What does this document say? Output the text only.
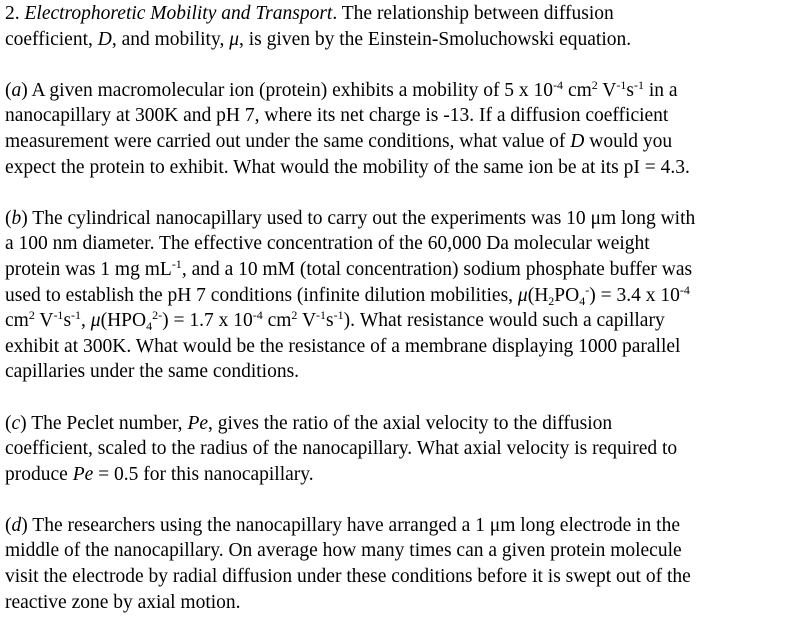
2. Electrophoretic Mobility and Transport. The relationship between diffusion
coefficient, D, and mobility, μ, is given by the Einstein-Smoluchowski equation.

(a) A given macromolecular ion (protein) exhibits a mobility of 5 x $10^{-4}$ $cm^2$ $V^{-1}s^{-1}$ in a
nanocapillary at 300K and pH 7, where its net charge is -13. If a diffusion coefficient
measurement were carried out under the same conditions, what value of D would you
expect the protein to exhibit. What would the mobility of the same ion be at its pI = 4.3.

(b) The cylindrical nanocapillary used to carry out the experiments was 10 μm long with
a 100 nm diameter. The effective concentration of the 60,000 Da molecular weight
protein was 1 mg $mL^{-1}$, and a 10 mM (total concentration) sodium phosphate buffer was
used to establish the pH 7 conditions (infinite dilution mobilities, $\mu(H_2PO_4^-) = 3.4$ x $10^{-4}$
$cm^2$ $V^{-1}s^{-1}$, $\mu(HPO_4^{2-}) = 1.7$ x $10^{-4}$ $cm^2$ $V^{-1}s^{-1}$). What resistance would such a capillary
exhibit at 300K. What would be the resistance of a membrane displaying 1000 parallel
capillaries under the same conditions.

(c) The Peclet number, Pe, gives the ratio of the axial velocity to the diffusion
coefficient, scaled to the radius of the nanocapillary. What axial velocity is required to
produce Pe = 0.5 for this nanocapillary.

(d) The researchers using the nanocapillary have arranged a 1 μm long electrode in the
middle of the nanocapillary. On average how many times can a given protein molecule
visit the electrode by radial diffusion under these conditions before it is swept out of the
reactive zone by axial motion.
